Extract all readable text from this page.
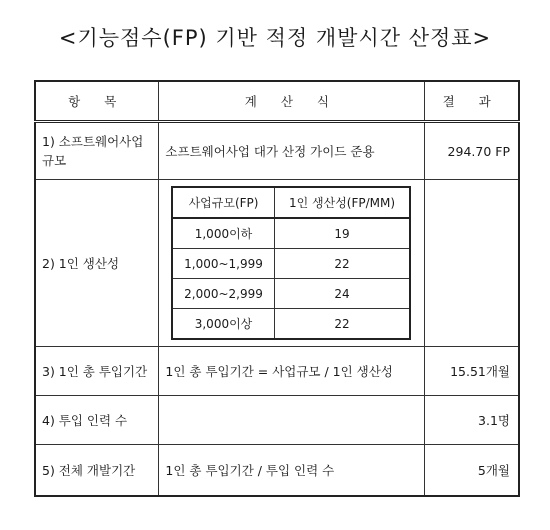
<기능점수(FP) 기반 적정 개발시간 산정표>
항 목	계 산 식	결 과
1) 소프트웨어사업 규모	소프트웨어사업 대가 산정 가이드 준용	294.70 FP
2) 1인 생산성	
사업규모(FP)	1인 생산성(FP/MM)
1,000이하	19
1,000~1,999	22
2,000~2,999	24
3,000이상	22

3) 1인 총 투입기간	1인 총 투입기간 = 사업규모 / 1인 생산성	15.51개월
4) 투입 인력 수		3.1명
5) 전체 개발기간	1인 총 투입기간 / 투입 인력 수	5개월
